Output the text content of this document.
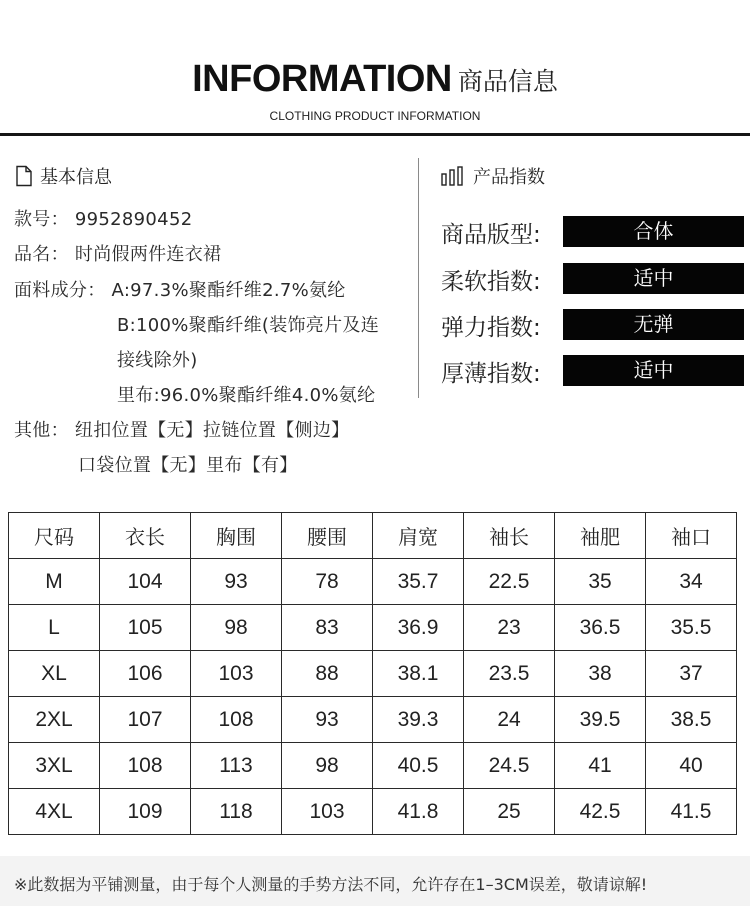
INFORMATION 商品信息
CLOTHING PRODUCT INFORMATION
基本信息
款号： 9952890452
品名： 时尚假两件连衣裙
面料成分： A:97.3%聚酯纤维2.7%氨纶
B:100%聚酯纤维(装饰亮片及连
接线除外)
里布:96.0%聚酯纤维4.0%氨纶
其他： 纽扣位置【无】拉链位置【侧边】
口袋位置【无】里布【有】
产品指数
商品版型:	合体
柔软指数:	适中
弹力指数:	无弹
厚薄指数:	适中
尺码	衣长	胸围	腰围	肩宽	袖长	袖肥	袖口
M	104	93	78	35.7	22.5	35	34
L	105	98	83	36.9	23	36.5	35.5
XL	106	103	88	38.1	23.5	38	37
2XL	107	108	93	39.3	24	39.5	38.5
3XL	108	113	98	40.5	24.5	41	40
4XL	109	118	103	41.8	25	42.5	41.5
※此数据为平铺测量，由于每个人测量的手势方法不同，允许存在1–3CM误差，敬请谅解!
